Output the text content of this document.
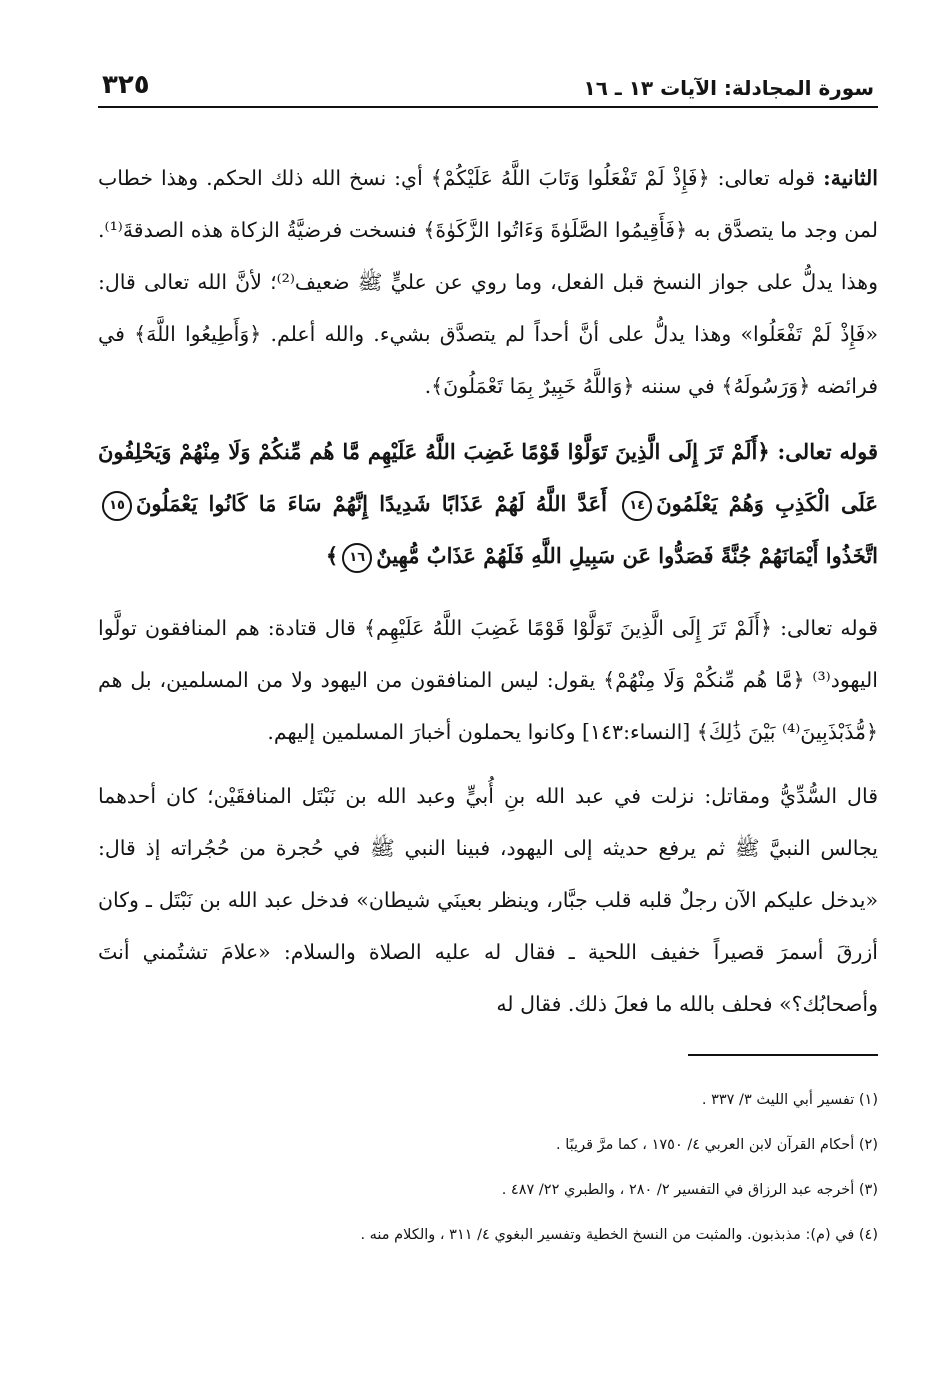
سورة المجادلة: الآيات ١٣ ـ ١٦
٣٢٥

الثانية: قوله تعالى: ﴿فَإِذْ لَمْ تَفْعَلُوا وَتَابَ اللَّهُ عَلَيْكُمْ﴾ أي: نسخ الله ذلك الحكم. وهذا خطاب لمن وجد ما يتصدَّق به ﴿فَأَقِيمُوا الصَّلَوٰةَ وَءَاتُوا الزَّكَوٰةَ﴾ فنسخت فرضيَّةُ الزكاة هذه الصدقةَ⁽¹⁾. وهذا يدلُّ على جواز النسخ قبل الفعل، وما روي عن عليٍّ ﷺ ضعيف⁽²⁾؛ لأنَّ الله تعالى قال: «فَإِذْ لَمْ تَفْعَلُوا» وهذا يدلُّ على أنَّ أحداً لم يتصدَّق بشيء. والله أعلم. ﴿وَأَطِيعُوا اللَّهَ﴾ في فرائضه ﴿وَرَسُولَهُ﴾ في سننه ﴿وَاللَّهُ خَبِيرٌ بِمَا تَعْمَلُونَ﴾.

قوله تعالى: ﴿أَلَمْ تَرَ إِلَى الَّذِينَ تَوَلَّوْا قَوْمًا غَضِبَ اللَّهُ عَلَيْهِم مَّا هُم مِّنكُمْ وَلَا مِنْهُمْ وَيَحْلِفُونَ عَلَى الْكَذِبِ وَهُمْ يَعْلَمُونَ١٤ أَعَدَّ اللَّهُ لَهُمْ عَذَابًا شَدِيدًا إِنَّهُمْ سَاءَ مَا كَانُوا يَعْمَلُونَ١٥ اتَّخَذُوا أَيْمَانَهُمْ جُنَّةً فَصَدُّوا عَن سَبِيلِ اللَّهِ فَلَهُمْ عَذَابٌ مُّهِينٌ١٦﴾

قوله تعالى: ﴿أَلَمْ تَرَ إِلَى الَّذِينَ تَوَلَّوْا قَوْمًا غَضِبَ اللَّهُ عَلَيْهِم﴾ قال قتادة: هم المنافقون تولَّوا اليهود⁽³⁾ ﴿مَّا هُم مِّنكُمْ وَلَا مِنْهُمْ﴾ يقول: ليس المنافقون من اليهود ولا من المسلمين، بل هم ﴿مُّذَبْذَبِينَ⁽⁴⁾ بَيْنَ ذَٰلِكَ﴾ [النساء:١٤٣] وكانوا يحملون أخبارَ المسلمين إليهم.

قال السُّدِّيُّ ومقاتل: نزلت في عبد الله بنِ أُبيٍّ وعبد الله بن نَبْتَل المنافقَيْن؛ كان أحدهما يجالس النبيَّ ﷺ ثم يرفع حديثه إلى اليهود، فبينا النبي ﷺ في حُجرة من حُجُراته إذ قال: «يدخل عليكم الآن رجلٌ قلبه قلب جبَّار، وينظر بعينَي شيطان» فدخل عبد الله بن نَبْتَل ـ وكان أزرقَ أسمرَ قصيراً خفيف اللحية ـ فقال له عليه الصلاة والسلام: «علامَ تشتُمني أنتَ وأصحابُك؟» فحلف بالله ما فعلَ ذلك. فقال له

(١) تفسير أبي الليث ٣/ ٣٣٧ .

(٢) أحكام القرآن لابن العربي ٤/ ١٧٥٠ ، كما مرَّ قريبًا .

(٣) أخرجه عبد الرزاق في التفسير ٢/ ٢٨٠ ، والطبري ٢٢/ ٤٨٧ .

(٤) في (م): مذبذبون. والمثبت من النسخ الخطية وتفسير البغوي ٤/ ٣١١ ، والكلام منه .
